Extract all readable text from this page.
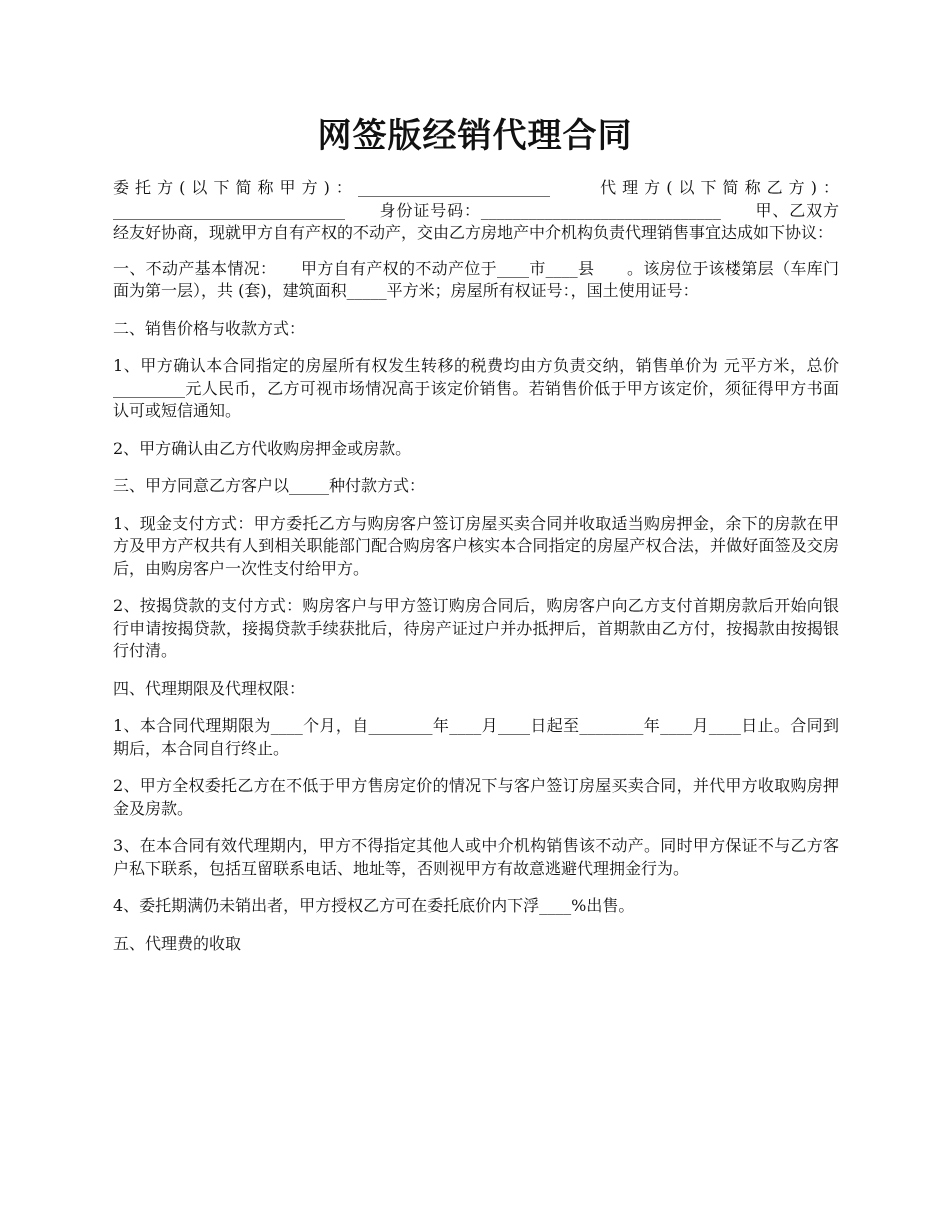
网签版经销代理合同

委托方(以下简称甲方)：________________________　　代理方(以下简称乙方)：_____________________________　　身份证号码：______________________________　　甲、乙双方经友好协商，现就甲方自有产权的不动产，交由乙方房地产中介机构负责代理销售事宜达成如下协议：

一、不动产基本情况：　　甲方自有产权的不动产位于____市____县　　。该房位于该楼第层（车库门面为第一层），共 (套)，建筑面积_____平方米；房屋所有权证号：，国土使用证号：

二、销售价格与收款方式：

1、甲方确认本合同指定的房屋所有权发生转移的税费均由方负责交纳，销售单价为 元平方米，总价_________元人民币，乙方可视市场情况高于该定价销售。若销售价低于甲方该定价，须征得甲方书面认可或短信通知。

2、甲方确认由乙方代收购房押金或房款。

三、甲方同意乙方客户以_____种付款方式：

1、现金支付方式：甲方委托乙方与购房客户签订房屋买卖合同并收取适当购房押金，余下的房款在甲方及甲方产权共有人到相关职能部门配合购房客户核实本合同指定的房屋产权合法，并做好面签及交房后，由购房客户一次性支付给甲方。

2、按揭贷款的支付方式：购房客户与甲方签订购房合同后，购房客户向乙方支付首期房款后开始向银行申请按揭贷款，接揭贷款手续获批后，待房产证过户并办抵押后，首期款由乙方付，按揭款由按揭银行付清。

四、代理期限及代理权限：

1、本合同代理期限为____个月，自________年____月____日起至________年____月____日止。合同到期后，本合同自行终止。

2、甲方全权委托乙方在不低于甲方售房定价的情况下与客户签订房屋买卖合同，并代甲方收取购房押金及房款。

3、在本合同有效代理期内，甲方不得指定其他人或中介机构销售该不动产。同时甲方保证不与乙方客户私下联系，包括互留联系电话、地址等，否则视甲方有故意逃避代理拥金行为。

4、委托期满仍未销出者，甲方授权乙方可在委托底价内下浮____%出售。

五、代理费的收取
